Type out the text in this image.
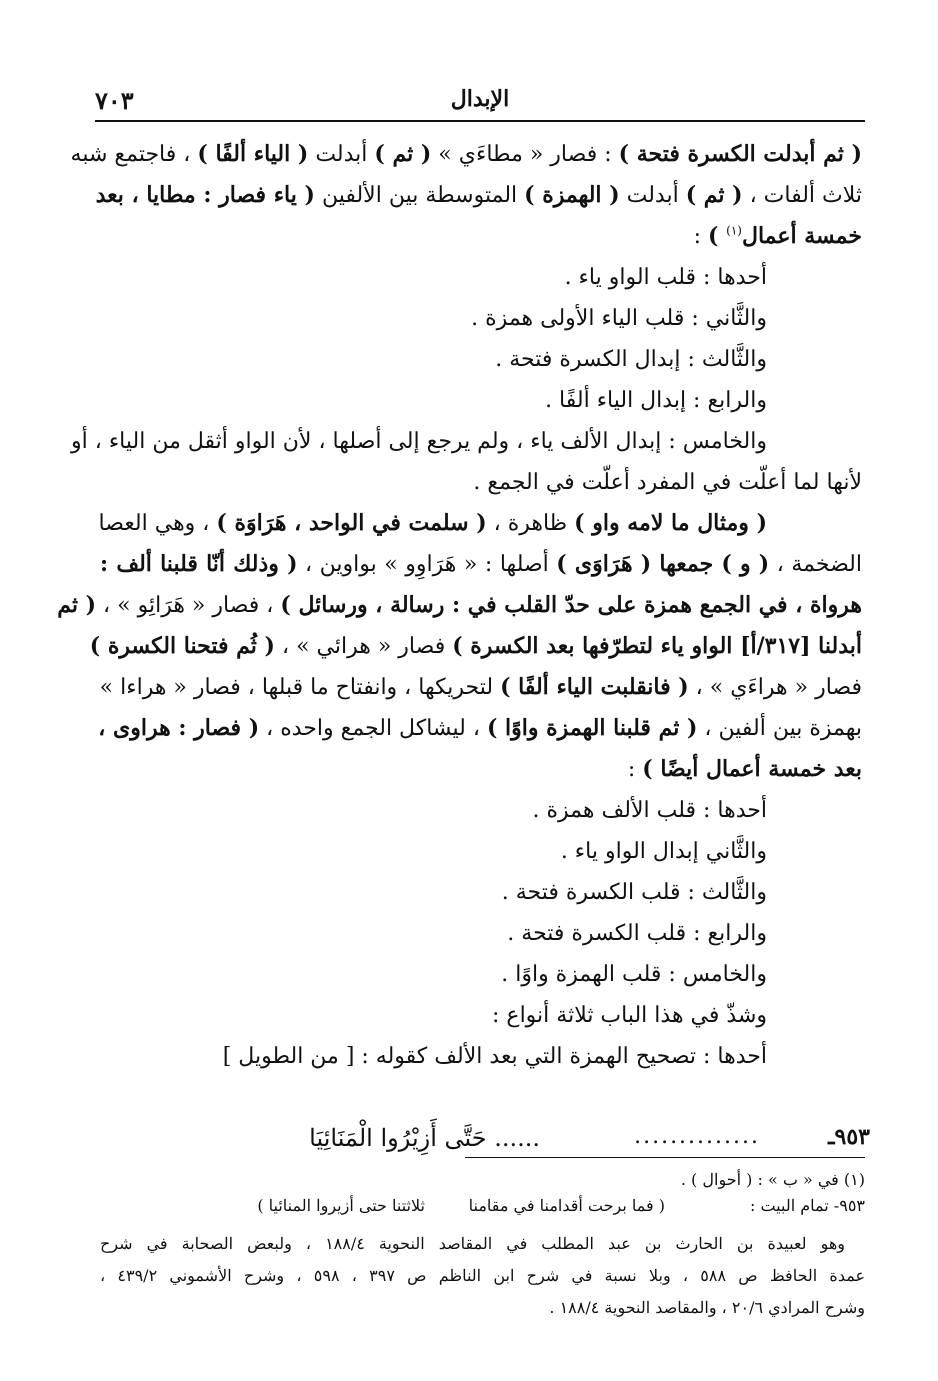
الإبدال
٧٠٣
( ثم أبدلت الكسرة فتحة ) : فصار « مطاءَي » ( ثم ) أبدلت ( الياء ألفًا ) ، فاجتمع شبه
ثلاث ألفات ، ( ثم ) أبدلت ( الهمزة ) المتوسطة بين الألفين ( ياء فصار : مطايا ، بعد
خمسة أعمال$^{(١)}$ ) :
أحدها : قلب الواو ياء .
والثَّاني : قلب الياء الأولى همزة .
والثَّالث : إبدال الكسرة فتحة .
والرابع : إبدال الياء ألفًا .
والخامس : إبدال الألف ياء ، ولم يرجع إلى أصلها ، لأن الواو أثقل من الياء ، أو
لأنها لما أعلّت في المفرد أعلّت في الجمع .
( ومثال ما لامه واو ) ظاهرة ، ( سلمت في الواحد ، هَرَاوَة ) ، وهي العصا
الضخمة ، ( و ) جمعها ( هَرَاوَى ) أصلها : « هَرَاوِو » بواوين ، ( وذلك أنّا قلبنا ألف :
هرواة ، في الجمع همزة على حدّ القلب في : رسالة ، ورسائل ) ، فصار « هَرَائِو » ، ( ثم
أبدلنا [٣١٧/أ] الواو ياء لتطرّفها بعد الكسرة ) فصار « هرائي » ، ( ثُم فتحنا الكسرة )
فصار « هراءَي » ، ( فانقلبت الياء ألفًا ) لتحريكها ، وانفتاح ما قبلها ، فصار « هراءا »
بهمزة بين ألفين ، ( ثم قلبنا الهمزة واوًا ) ، ليشاكل الجمع واحده ، ( فصار : هراوى ،
بعد خمسة أعمال أيضًا ) :
أحدها : قلب الألف همزة .
والثَّاني إبدال الواو ياء .
والثَّالث : قلب الكسرة فتحة .
والرابع : قلب الكسرة فتحة .
والخامس : قلب الهمزة واوًا .
وشذّ في هذا الباب ثلاثة أنواع :
أحدها : تصحيح الهمزة التي بعد الألف كقوله : [ من الطويل ]
٩٥٣ـ
..............
...... حَتَّى أَزِيْرُوا الْمَنَائِيَا
(١) في « ب » : ( أحوال ) .
٩٥٣- تمام البيت :
( فما برحت أقدامنا في مقامنا
ثلاثتنا حتى أزيروا المنائيا )
وهو لعبيدة بن الحارث بن عبد المطلب في المقاصد النحوية ١٨٨/٤ ، ولبعض الصحابة في شرح
عمدة الحافظ ص ٥٨٨ ، وبلا نسبة في شرح ابن الناظم ص ٣٩٧ ، ٥٩٨ ، وشرح الأشموني ٤٣٩/٢ ،
وشرح المرادي ٢٠/٦ ، والمقاصد النحوية ١٨٨/٤ .
